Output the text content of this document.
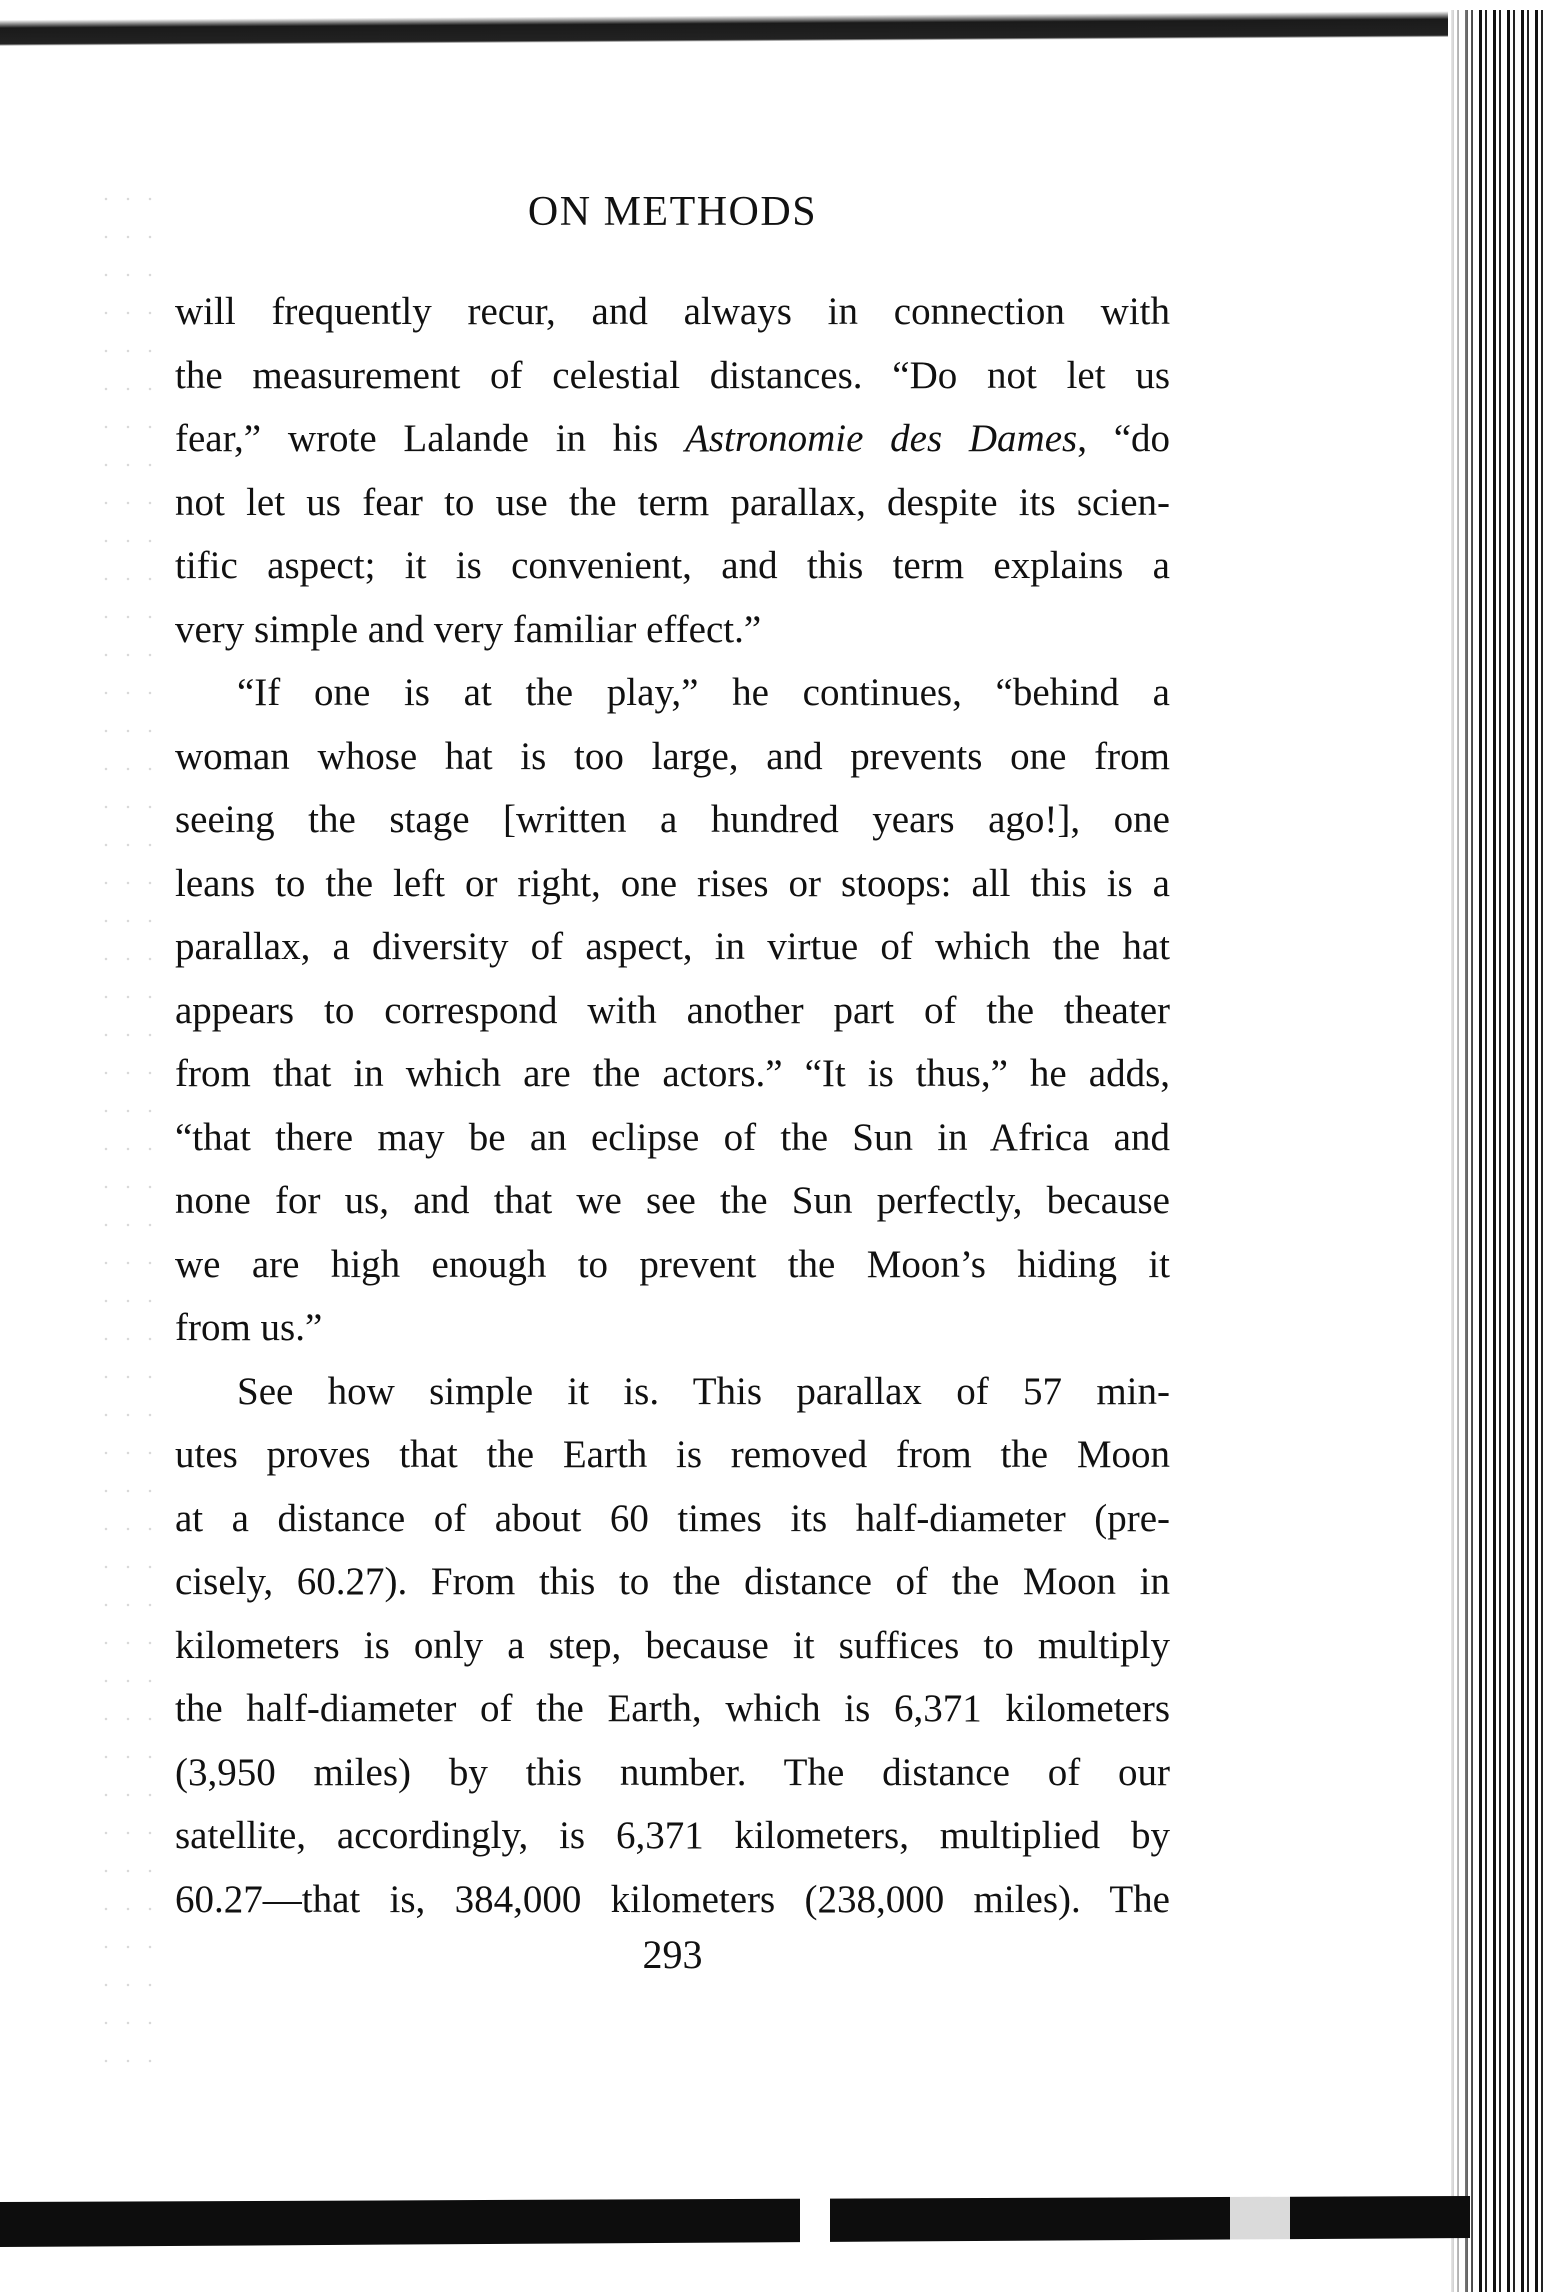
ON METHODS
will frequently recur, and always in connection with
the measurement of celestial distances. “Do not let us
fear,” wrote Lalande in his Astronomie des Dames, “do
not let us fear to use the term parallax, despite its scien-
tific aspect; it is convenient, and this term explains a
very simple and very familiar effect.”
“If one is at the play,” he continues, “behind a
woman whose hat is too large, and prevents one from
seeing the stage [written a hundred years ago!], one
leans to the left or right, one rises or stoops: all this is a
parallax, a diversity of aspect, in virtue of which the hat
appears to correspond with another part of the theater
from that in which are the actors.” “It is thus,” he adds,
“that there may be an eclipse of the Sun in Africa and
none for us, and that we see the Sun perfectly, because
we are high enough to prevent the Moon’s hiding it
from us.”
See how simple it is. This parallax of 57 min-
utes proves that the Earth is removed from the Moon
at a distance of about 60 times its half-diameter (pre-
cisely, 60.27). From this to the distance of the Moon in
kilometers is only a step, because it suffices to multiply
the half-diameter of the Earth, which is 6,371 kilometers
(3,950 miles) by this number. The distance of our
satellite, accordingly, is 6,371 kilometers, multiplied by
60.27—that is, 384,000 kilometers (238,000 miles). The
293
